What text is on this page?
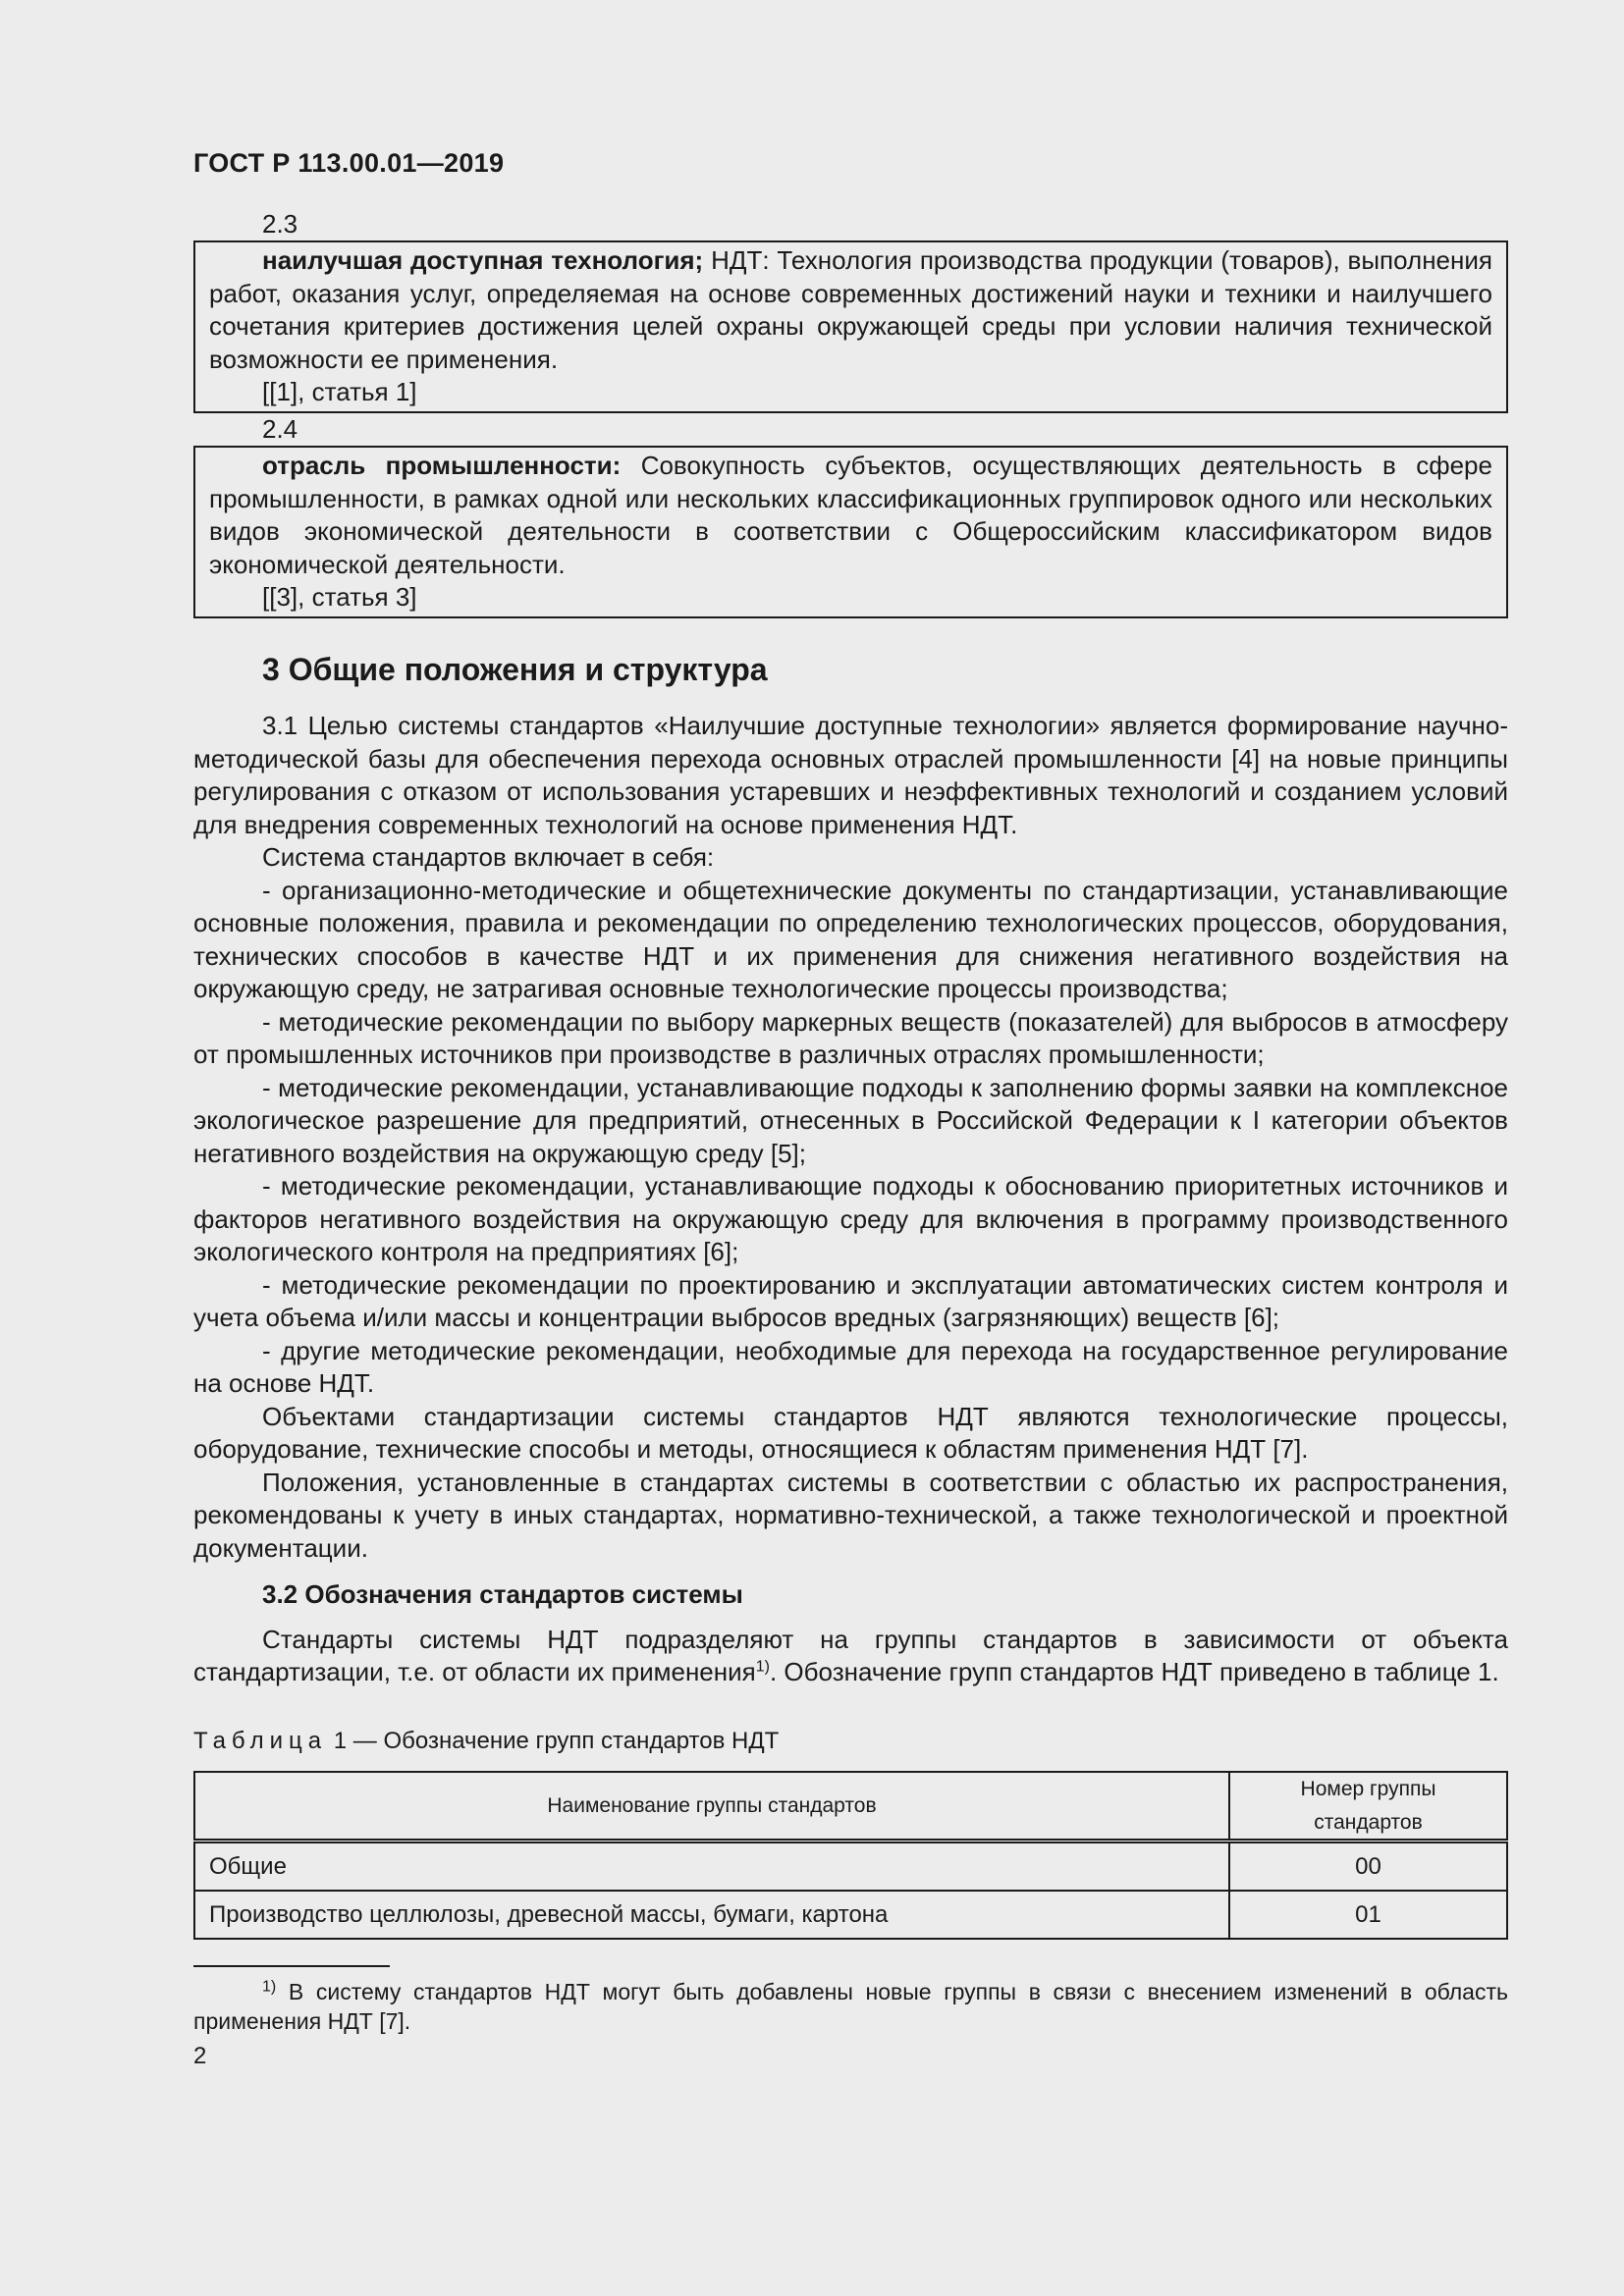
ГОСТ Р 113.00.01—2019
2.3

наилучшая доступная технология; НДТ: Технология производства продукции (товаров), выполнения работ, оказания услуг, определяемая на основе современных достижений науки и техники и наилучшего сочетания критериев достижения целей охраны окружающей среды при условии наличия технической возможности ее применения.

[[1], статья 1]

2.4

отрасль промышленности: Совокупность субъектов, осуществляющих деятельность в сфере промышленности, в рамках одной или нескольких классификационных группировок одного или нескольких видов экономической деятельности в соответствии с Общероссийским классификатором видов экономической деятельности.

[[3], статья 3]

3 Общие положения и структура

3.1 Целью системы стандартов «Наилучшие доступные технологии» является формирование научно-методической базы для обеспечения перехода основных отраслей промышленности [4] на новые принципы регулирования с отказом от использования устаревших и неэффективных технологий и созданием условий для внедрения современных технологий на основе применения НДТ.

Система стандартов включает в себя:

- организационно-методические и общетехнические документы по стандартизации, устанавливающие основные положения, правила и рекомендации по определению технологических процессов, оборудования, технических способов в качестве НДТ и их применения для снижения негативного воздействия на окружающую среду, не затрагивая основные технологические процессы производства;

- методические рекомендации по выбору маркерных веществ (показателей) для выбросов в атмосферу от промышленных источников при производстве в различных отраслях промышленности;

- методические рекомендации, устанавливающие подходы к заполнению формы заявки на комплексное экологическое разрешение для предприятий, отнесенных в Российской Федерации к I категории объектов негативного воздействия на окружающую среду [5];

- методические рекомендации, устанавливающие подходы к обоснованию приоритетных источников и факторов негативного воздействия на окружающую среду для включения в программу производственного экологического контроля на предприятиях [6];

- методические рекомендации по проектированию и эксплуатации автоматических систем контроля и учета объема и/или массы и концентрации выбросов вредных (загрязняющих) веществ [6];

- другие методические рекомендации, необходимые для перехода на государственное регулирование на основе НДТ.

Объектами стандартизации системы стандартов НДТ являются технологические процессы, оборудование, технические способы и методы, относящиеся к областям применения НДТ [7].

Положения, установленные в стандартах системы в соответствии с областью их распространения, рекомендованы к учету в иных стандартах, нормативно-технической, а также технологической и проектной документации.

3.2 Обозначения стандартов системы

Стандарты системы НДТ подразделяют на группы стандартов в зависимости от объекта стандартизации, т.е. от области их применения$^{1)}$. Обозначение групп стандартов НДТ приведено в таблице 1.

Таблица 1 — Обозначение групп стандартов НДТ
Наименование группы стандартов	Номер группы стандартов
Общие	00
Производство целлюлозы, древесной массы, бумаги, картона	01

$^{1)}$ В систему стандартов НДТ могут быть добавлены новые группы в связи с внесением изменений в область применения НДТ [7].

2
